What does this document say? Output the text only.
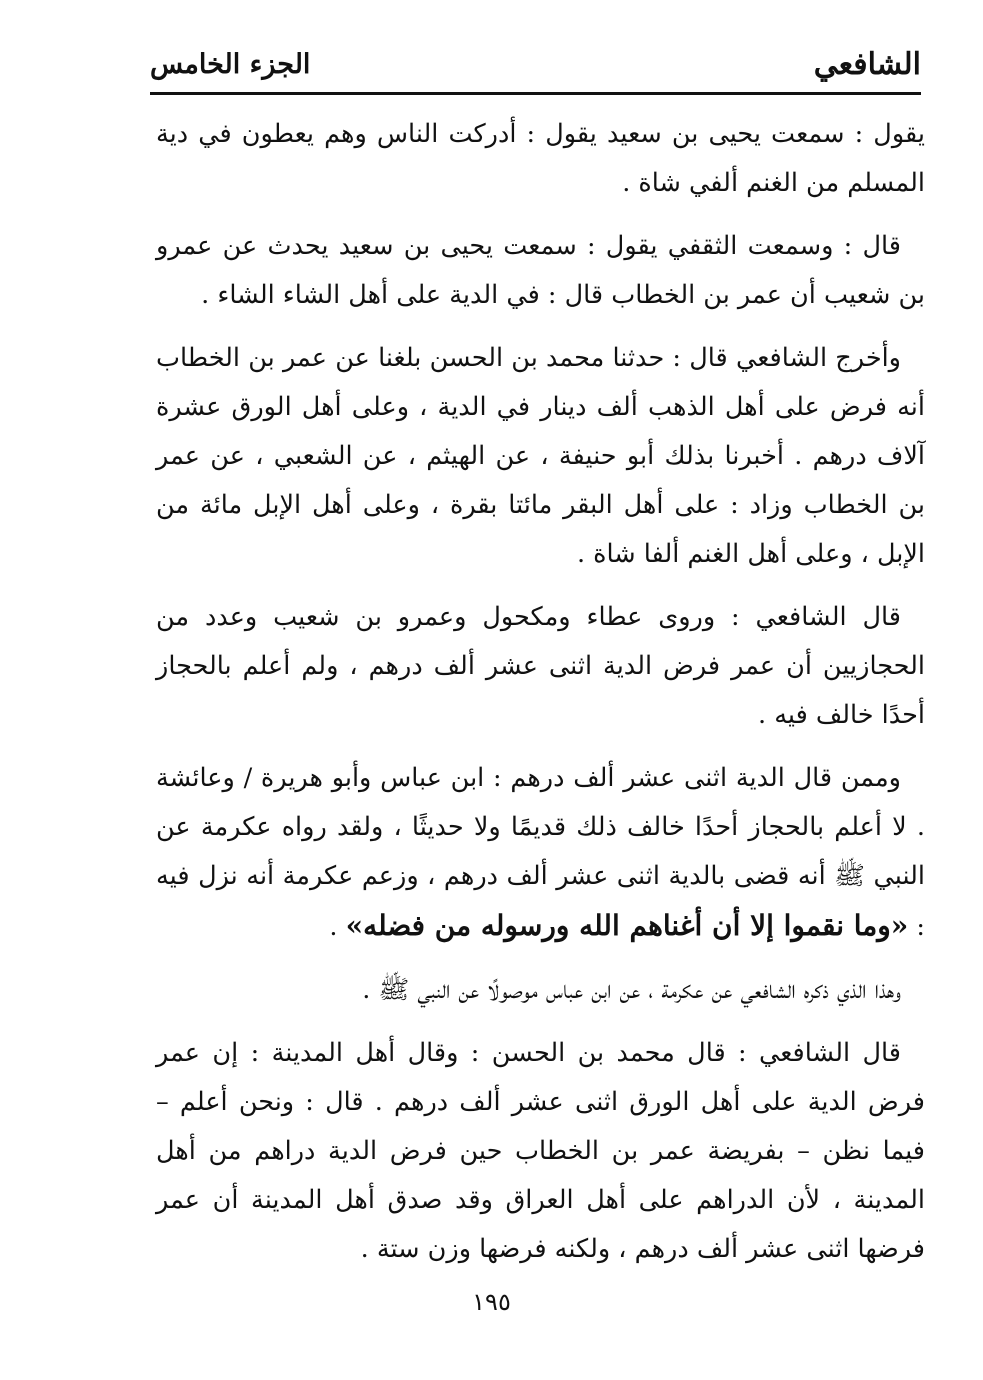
الشافعي
الجزء الخامس

يقول : سمعت يحيى بن سعيد يقول : أدركت الناس وهم يعطون في دية المسلم من الغنم ألفي شاة .

قال : وسمعت الثقفي يقول : سمعت يحيى بن سعيد يحدث عن عمرو بن شعيب أن عمر بن الخطاب قال : في الدية على أهل الشاء الشاء .

وأخرج الشافعي قال : حدثنا محمد بن الحسن بلغنا عن عمر بن الخطاب أنه فرض على أهل الذهب ألف دينار في الدية ، وعلى أهل الورق عشرة آلاف درهم . أخبرنا بذلك أبو حنيفة ، عن الهيثم ، عن الشعبي ، عن عمر بن الخطاب وزاد : على أهل البقر مائتا بقرة ، وعلى أهل الإبل مائة من الإبل ، وعلى أهل الغنم ألفا شاة .

قال الشافعي : وروى عطاء ومكحول وعمرو بن شعيب وعدد من الحجازيين أن عمر فرض الدية اثنى عشر ألف درهم ، ولم أعلم بالحجاز أحدًا خالف فيه .

وممن قال الدية اثنى عشر ألف درهم : ابن عباس وأبو هريرة / وعائشة . لا أعلم بالحجاز أحدًا خالف ذلك قديمًا ولا حديثًا ، ولقد رواه عكرمة عن النبي ﷺ أنه قضى بالدية اثنى عشر ألف درهم ، وزعم عكرمة أنه نزل فيه : «وما نقموا إلا أن أغناهم الله ورسوله من فضله» .

وهذا الذي ذكره الشافعي عن عكرمة ، عن ابن عباس موصولًا عن النبي ﷺ .

قال الشافعي : قال محمد بن الحسن : وقال أهل المدينة : إن عمر فرض الدية على أهل الورق اثنى عشر ألف درهم . قال : ونحن أعلم – فيما نظن – بفريضة عمر بن الخطاب حين فرض الدية دراهم من أهل المدينة ، لأن الدراهم على أهل العراق وقد صدق أهل المدينة أن عمر فرضها اثنى عشر ألف درهم ، ولكنه فرضها وزن ستة .

١٩٥
